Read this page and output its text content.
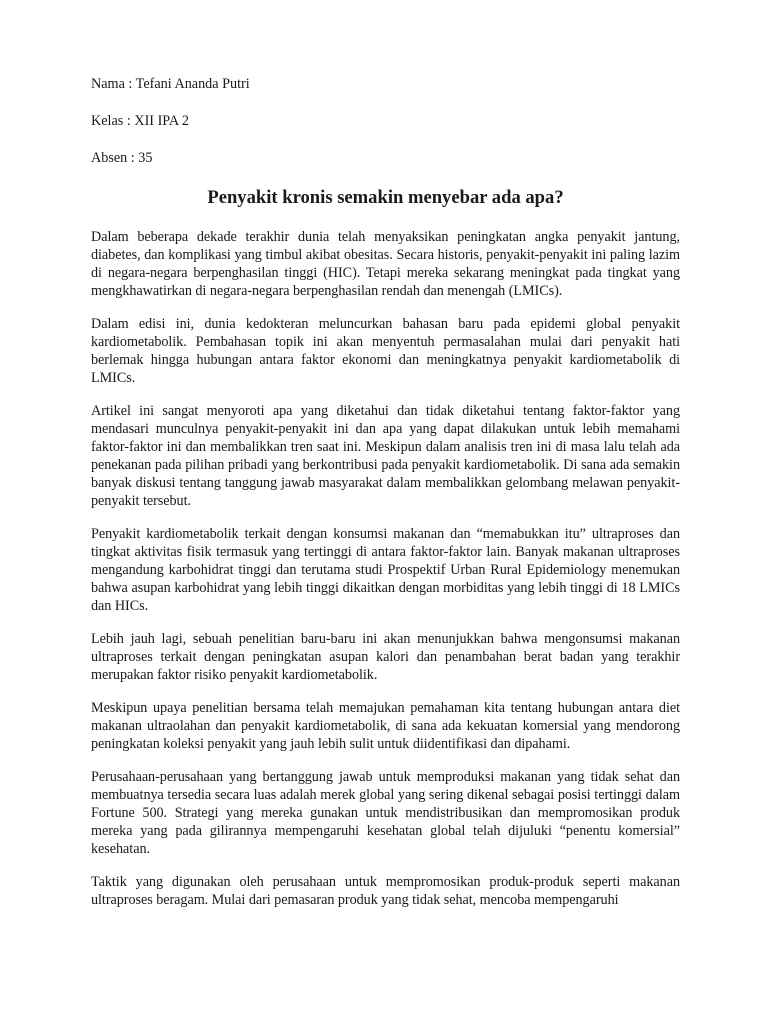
Nama : Tefani Ananda Putri

Kelas : XII IPA 2

Absen : 35

Penyakit kronis semakin menyebar ada apa?

Dalam beberapa dekade terakhir dunia telah menyaksikan peningkatan angka penyakit jantung, diabetes, dan komplikasi yang timbul akibat obesitas. Secara historis, penyakit-penyakit ini paling lazim di negara-negara berpenghasilan tinggi (HIC). Tetapi mereka sekarang meningkat pada tingkat yang mengkhawatirkan di negara-negara berpenghasilan rendah dan menengah (LMICs).

Dalam edisi ini, dunia kedokteran meluncurkan bahasan baru pada epidemi global penyakit kardiometabolik. Pembahasan topik ini akan menyentuh permasalahan mulai dari penyakit hati berlemak hingga hubungan antara faktor ekonomi dan meningkatnya penyakit kardiometabolik di LMICs.

Artikel ini sangat menyoroti apa yang diketahui dan tidak diketahui tentang faktor-faktor yang mendasari munculnya penyakit-penyakit ini dan apa yang dapat dilakukan untuk lebih memahami faktor-faktor ini dan membalikkan tren saat ini. Meskipun dalam analisis tren ini di masa lalu telah ada penekanan pada pilihan pribadi yang berkontribusi pada penyakit kardiometabolik. Di sana ada semakin banyak diskusi tentang tanggung jawab masyarakat dalam membalikkan gelombang melawan penyakit-penyakit tersebut.

Penyakit kardiometabolik terkait dengan konsumsi makanan dan “memabukkan itu” ultraproses dan tingkat aktivitas fisik termasuk yang tertinggi di antara faktor-faktor lain. Banyak makanan ultraproses mengandung karbohidrat tinggi dan terutama studi Prospektif Urban Rural Epidemiology menemukan bahwa asupan karbohidrat yang lebih tinggi dikaitkan dengan morbiditas yang lebih tinggi di 18 LMICs dan HICs.

Lebih jauh lagi, sebuah penelitian baru-baru ini akan menunjukkan bahwa mengonsumsi makanan ultraproses terkait dengan peningkatan asupan kalori dan penambahan berat badan yang terakhir merupakan faktor risiko penyakit kardiometabolik.

Meskipun upaya penelitian bersama telah memajukan pemahaman kita tentang hubungan antara diet makanan ultraolahan dan penyakit kardiometabolik, di sana ada kekuatan komersial yang mendorong peningkatan koleksi penyakit yang jauh lebih sulit untuk diidentifikasi dan dipahami.

Perusahaan-perusahaan yang bertanggung jawab untuk memproduksi makanan yang tidak sehat dan membuatnya tersedia secara luas adalah merek global yang sering dikenal sebagai posisi tertinggi dalam Fortune 500. Strategi yang mereka gunakan untuk mendistribusikan dan mempromosikan produk mereka yang pada gilirannya mempengaruhi kesehatan global telah dijuluki “penentu komersial” kesehatan.

Taktik yang digunakan oleh perusahaan untuk mempromosikan produk-produk seperti makanan ultraproses beragam. Mulai dari pemasaran produk yang tidak sehat, mencoba mempengaruhi
